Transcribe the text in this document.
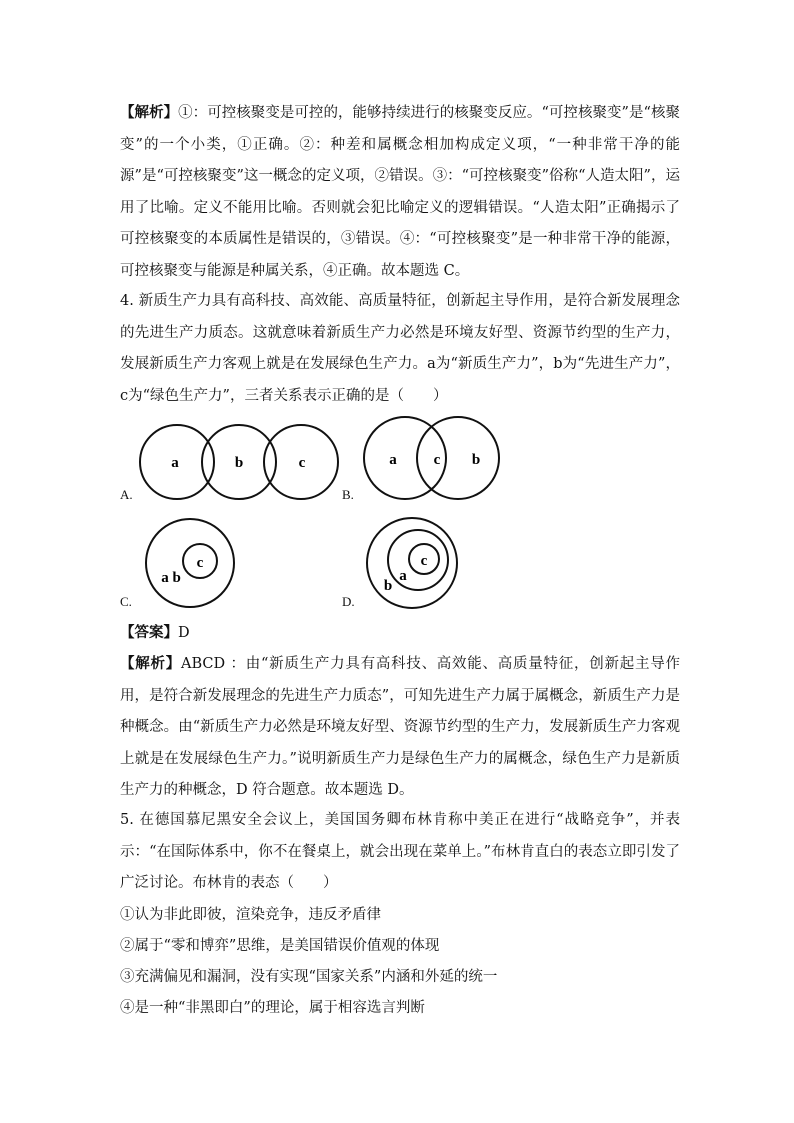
【解析】①：可控核聚变是可控的，能够持续进行的核聚变反应。“可控核聚变”是“核聚变”的一个小类，①正确。②：种差和属概念相加构成定义项，“一种非常干净的能源”是“可控核聚变”这一概念的定义项，②错误。③：“可控核聚变”俗称“人造太阳”，运用了比喻。定义不能用比喻。否则就会犯比喻定义的逻辑错误。“人造太阳”正确揭示了可控核聚变的本质属性是错误的，③错误。④：“可控核聚变”是一种非常干净的能源，可控核聚变与能源是种属关系，④正确。故本题选 C。

4. 新质生产力具有高科技、高效能、高质量特征，创新起主导作用，是符合新发展理念的先进生产力质态。这就意味着新质生产力必然是环境友好型、资源节约型的生产力，发展新质生产力客观上就是在发展绿色生产力。a为“新质生产力”，b为“先进生产力”，c为“绿色生产力”，三者关系表示正确的是（　　）

a	b	c
A.
a c b
B.
c
a b
C.
c
a
b
D.

【答案】D

【解析】ABCD ：由“新质生产力具有高科技、高效能、高质量特征，创新起主导作用，是符合新发展理念的先进生产力质态”，可知先进生产力属于属概念，新质生产力是种概念。由“新质生产力必然是环境友好型、资源节约型的生产力，发展新质生产力客观上就是在发展绿色生产力。”说明新质生产力是绿色生产力的属概念，绿色生产力是新质生产力的种概念，D 符合题意。故本题选 D。

5. 在德国慕尼黑安全会议上，美国国务卿布林肯称中美正在进行“战略竞争”，并表示：“在国际体系中，你不在餐桌上，就会出现在菜单上。”布林肯直白的表态立即引发了广泛讨论。布林肯的表态（　　）

①认为非此即彼，渲染竞争，违反矛盾律
②属于“零和博弈”思维，是美国错误价值观的体现
③充满偏见和漏洞，没有实现“国家关系”内涵和外延的统一
④是一种“非黑即白”的理论，属于相容选言判断
